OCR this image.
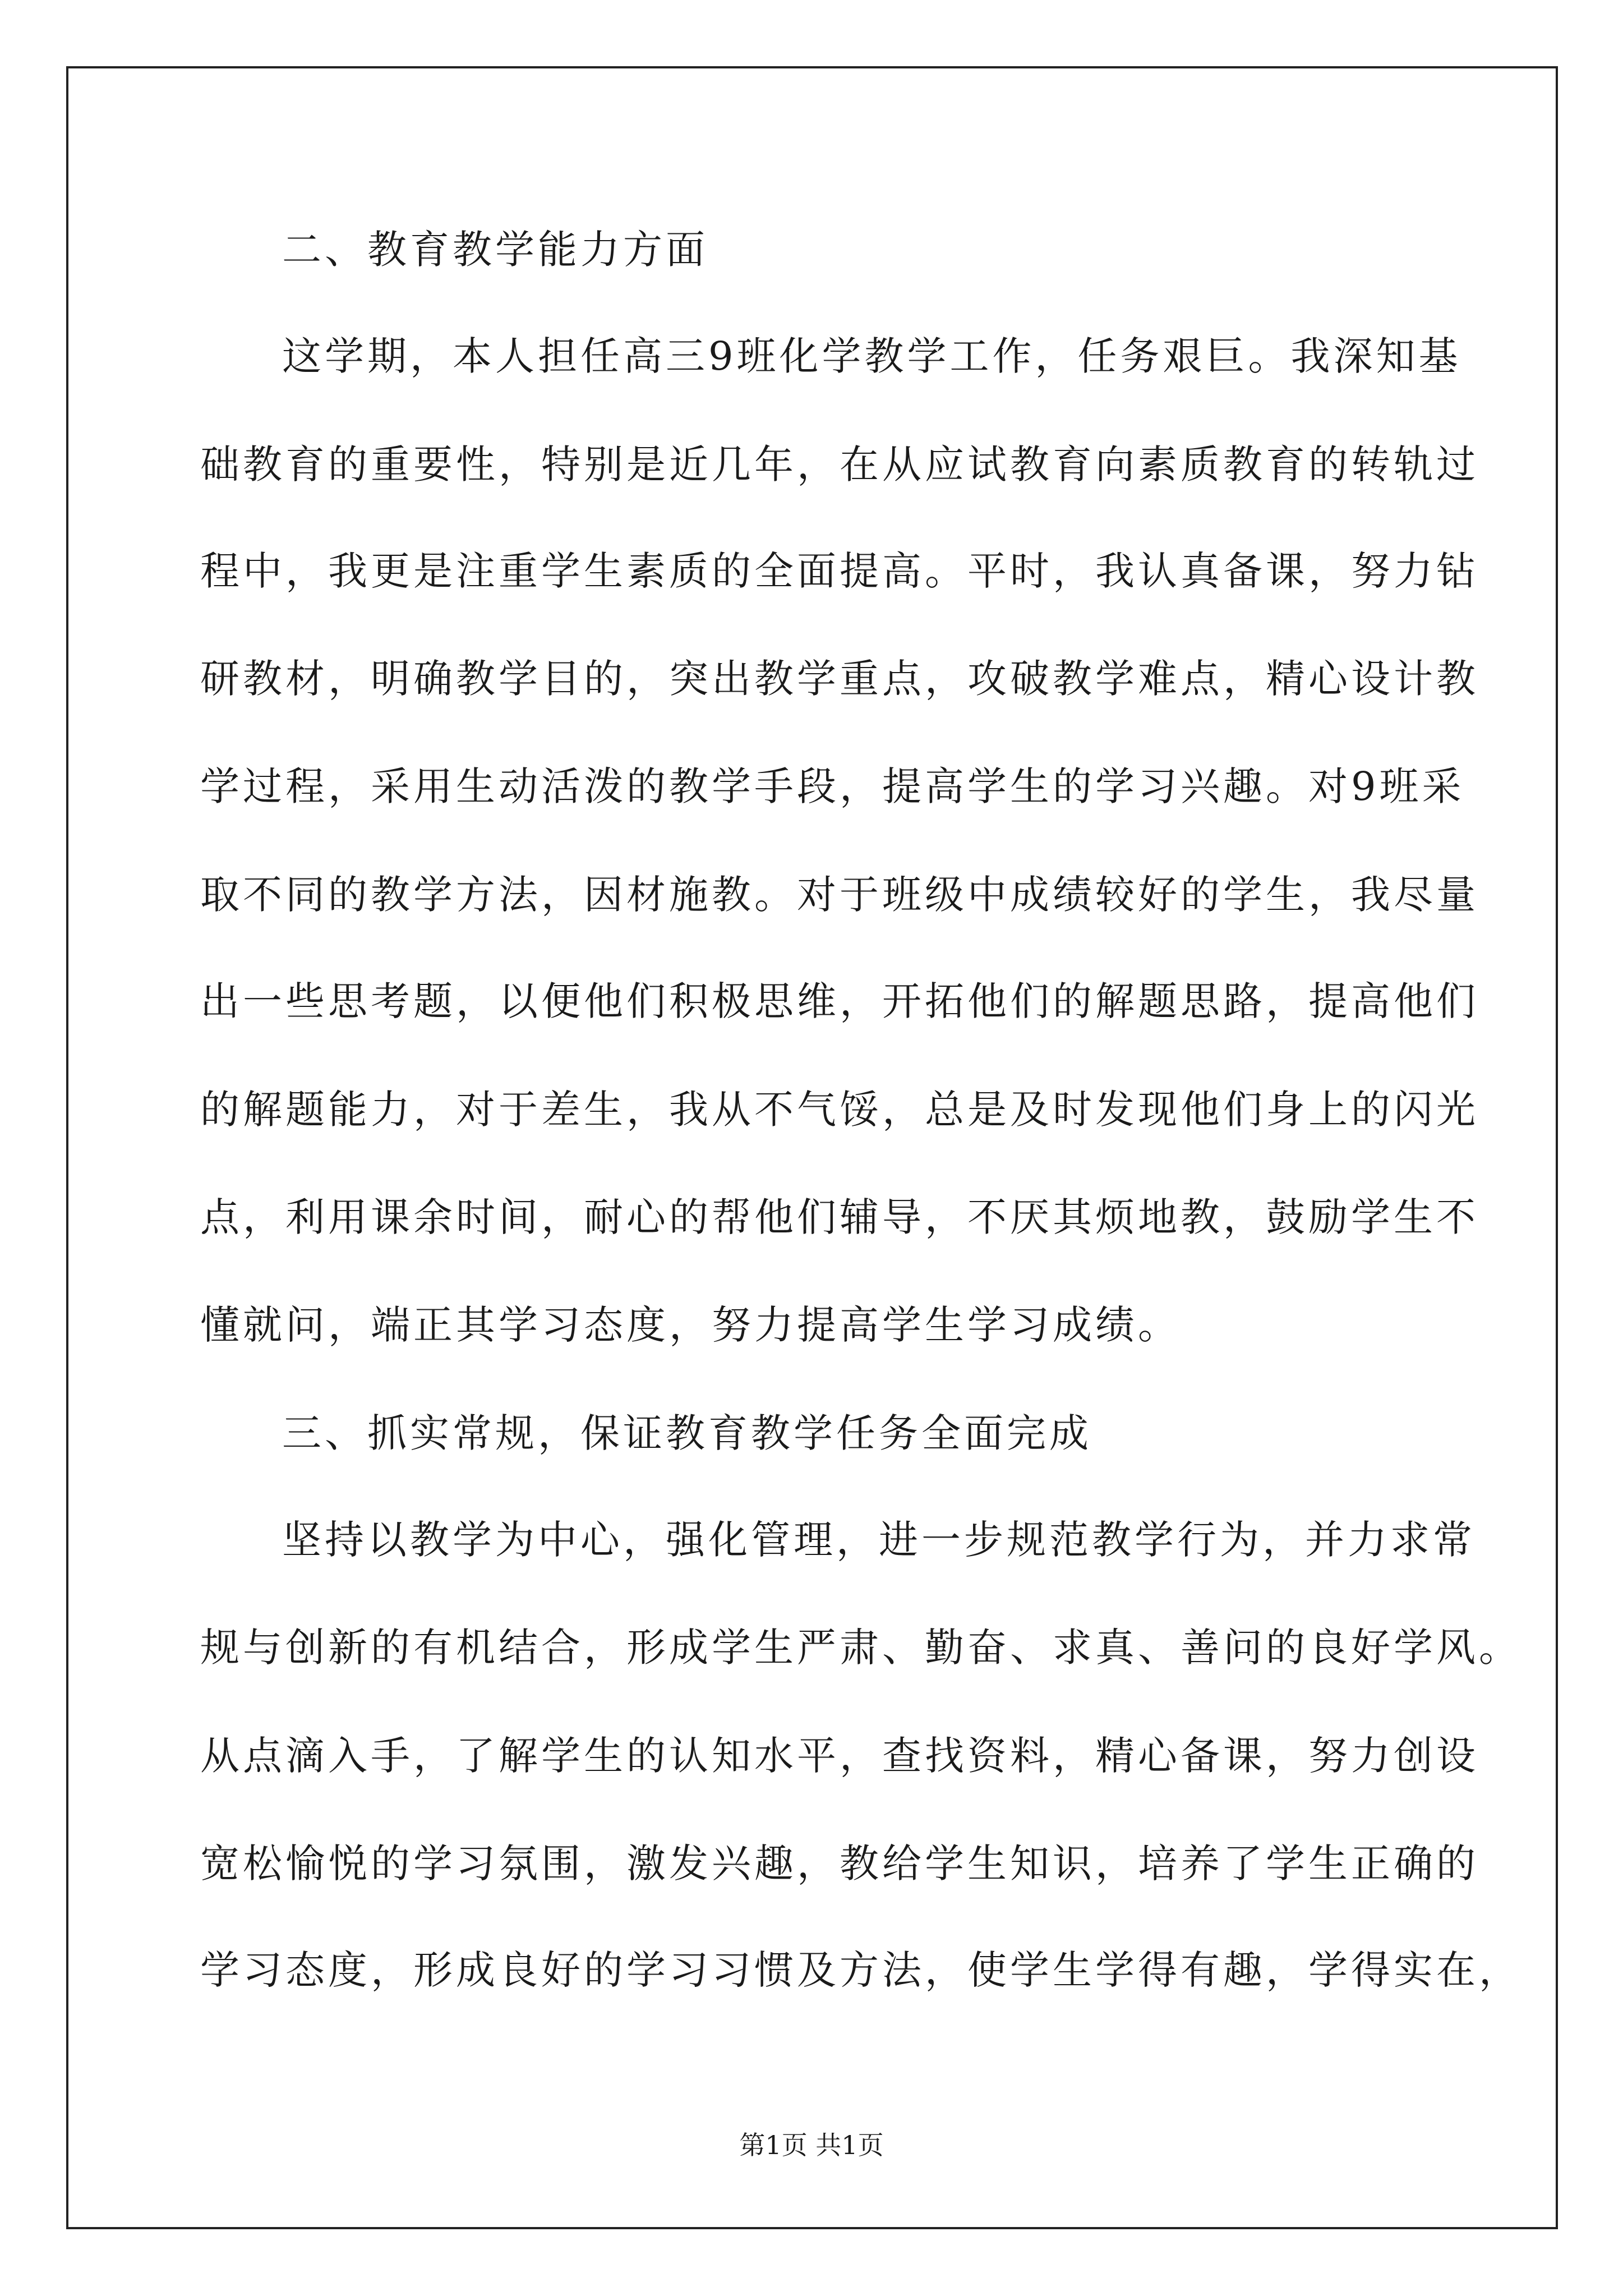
二、教育教学能力方面
这学期，本人担任高三9班化学教学工作，任务艰巨。我深知基
础教育的重要性，特别是近几年，在从应试教育向素质教育的转轨过
程中，我更是注重学生素质的全面提高。平时，我认真备课，努力钻
研教材，明确教学目的，突出教学重点，攻破教学难点，精心设计教
学过程，采用生动活泼的教学手段，提高学生的学习兴趣。对9班采
取不同的教学方法，因材施教。对于班级中成绩较好的学生，我尽量
出一些思考题，以便他们积极思维，开拓他们的解题思路，提高他们
的解题能力，对于差生，我从不气馁，总是及时发现他们身上的闪光
点，利用课余时间，耐心的帮他们辅导，不厌其烦地教，鼓励学生不
懂就问，端正其学习态度，努力提高学生学习成绩。
三、抓实常规，保证教育教学任务全面完成
坚持以教学为中心，强化管理，进一步规范教学行为，并力求常
规与创新的有机结合，形成学生严肃、勤奋、求真、善问的良好学风。
从点滴入手，了解学生的认知水平，查找资料，精心备课，努力创设
宽松愉悦的学习氛围，激发兴趣，教给学生知识，培养了学生正确的
学习态度，形成良好的学习习惯及方法，使学生学得有趣，学得实在，
第1页 共1页
